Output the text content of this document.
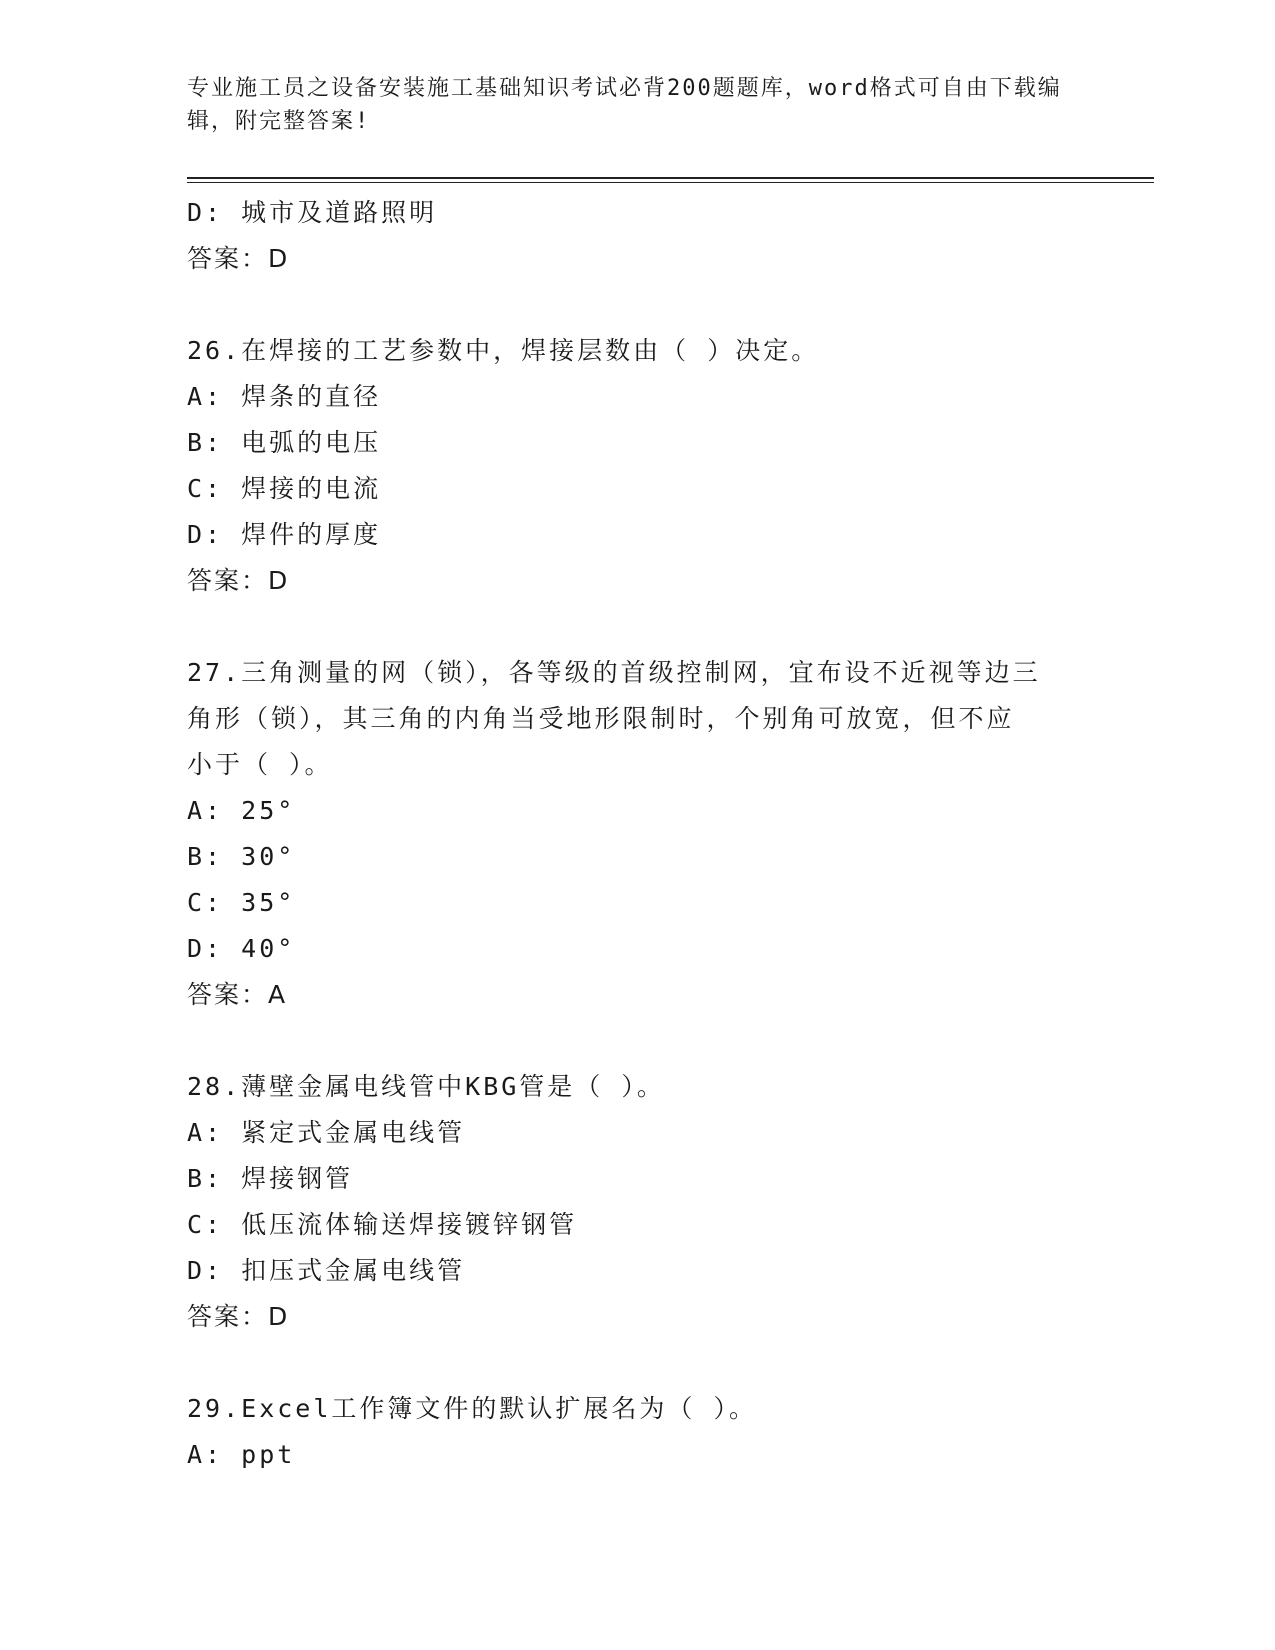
专业施工员之设备安装施工基础知识考试必背200题题库，word格式可自由下载编辑，附完整答案!
D: 城市及道路照明
答案：D
26.在焊接的工艺参数中，焊接层数由（ ）决定。
A: 焊条的直径
B: 电弧的电压
C: 焊接的电流
D: 焊件的厚度
答案：D
27.三角测量的网（锁），各等级的首级控制网，宜布设不近视等边三
角形（锁），其三角的内角当受地形限制时，个别角可放宽，但不应
小于（ ）。
A: 25°
B: 30°
C: 35°
D: 40°
答案：A
28.薄壁金属电线管中KBG管是（ ）。
A: 紧定式金属电线管
B: 焊接钢管
C: 低压流体输送焊接镀锌钢管
D: 扣压式金属电线管
答案：D
29.Excel工作簿文件的默认扩展名为（ ）。
A: ppt
